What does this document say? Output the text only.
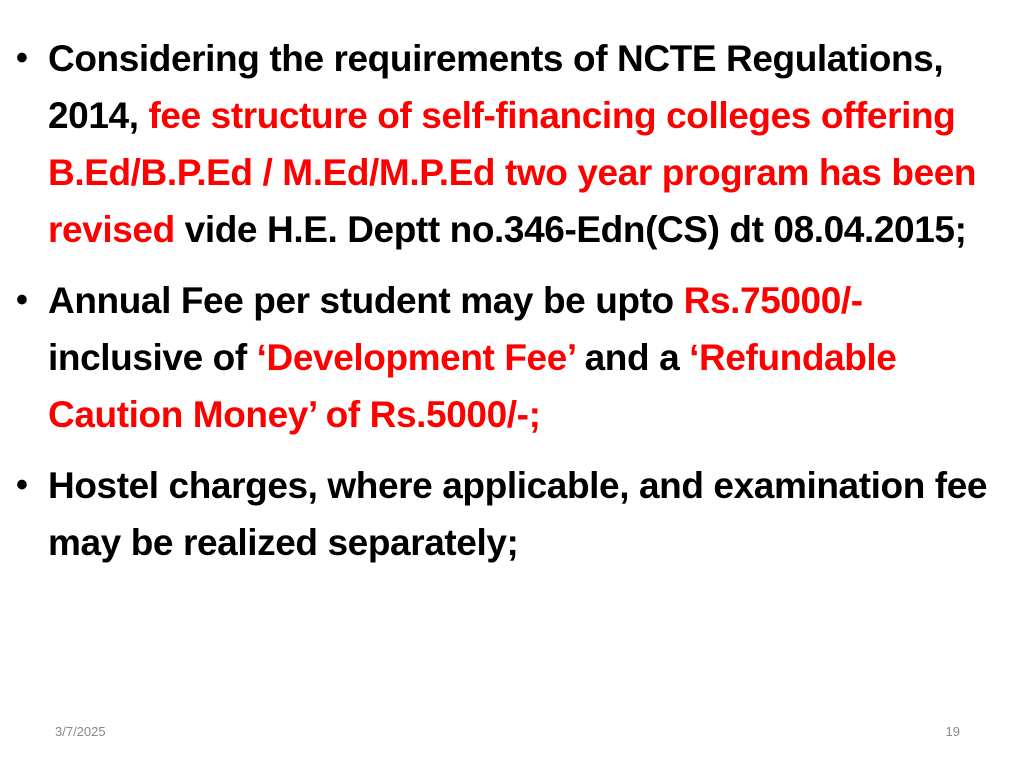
• Considering the requirements of NCTE Regulations, 2014, fee structure of self-financing colleges offering B.Ed/B.P.Ed / M.Ed/M.P.Ed two year program has been revised vide H.E. Deptt no.346-Edn(CS) dt 08.04.2015;
• Annual Fee per student may be upto Rs.75000/- inclusive of ‘Development Fee’ and a ‘Refundable Caution Money’ of Rs.5000/-;
• Hostel charges, where applicable, and examination fee may be realized separately;
3/7/2025	19
